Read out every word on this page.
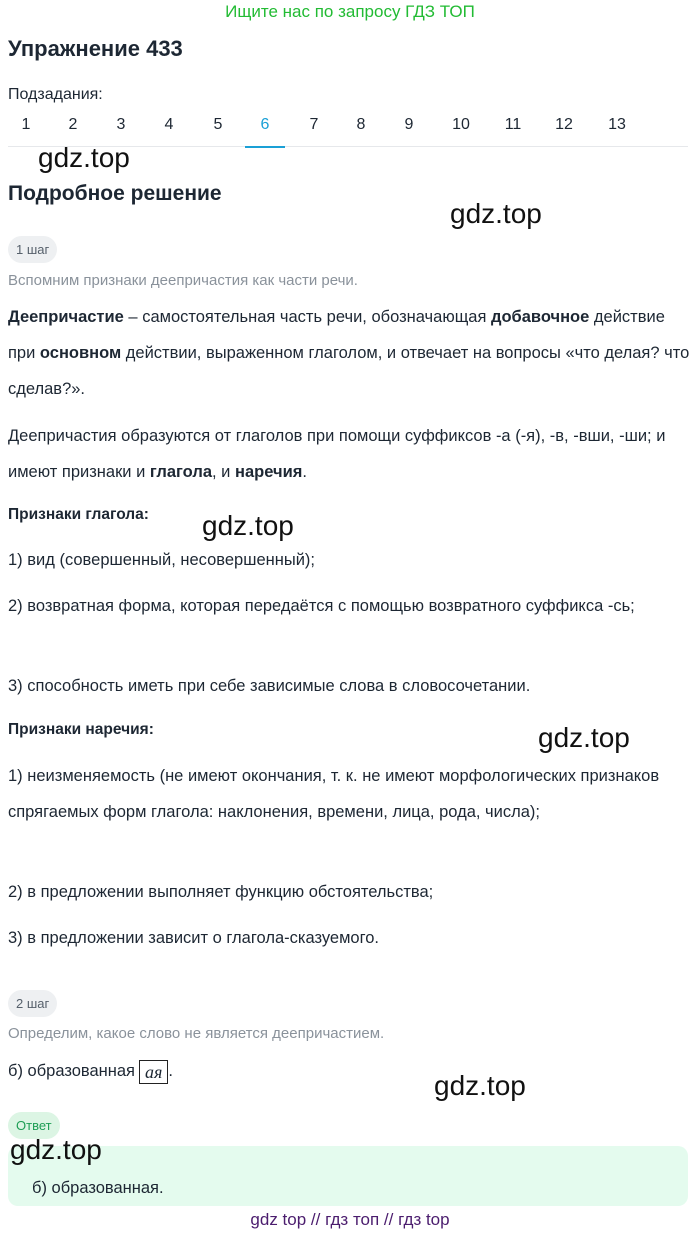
Ищите нас по запросу ГДЗ ТОП
Упражнение 433
Подзадания:
1	2	3	4	5	6	7	8	9	10	11	12	13
gdz.top
Подробное решение
gdz.top
1 шаг
Вспомним признаки деепричастия как части речи.
Деепричастие – самостоятельная часть речи, обозначающая добавочное действие при основном действии, выраженном глаголом, и отвечает на вопросы «что делая? что сделав?».
Деепричастия образуются от глаголов при помощи суффиксов -а (-я), -в, -вши, -ши; и имеют признаки и глагола, и наречия.
Признаки глагола:	gdz.top
1) вид (совершенный, несовершенный);
2) возвратная форма, которая передаётся с помощью возвратного суффикса -сь;
3) способность иметь при себе зависимые слова в словосочетании.
Признаки наречия:	gdz.top
1) неизменяемость (не имеют окончания, т. к. не имеют морфологических признаков спрягаемых форм глагола: наклонения, времени, лица, рода, числа);
2) в предложении выполняет функцию обстоятельства;
3) в предложении зависит о глагола-сказуемого.
2 шаг
Определим, какое слово не является деепричастием.
б) образованная ая .	gdz.top
Ответ
gdz.top
б) образованная.
gdz top // гдз топ // гдз top
